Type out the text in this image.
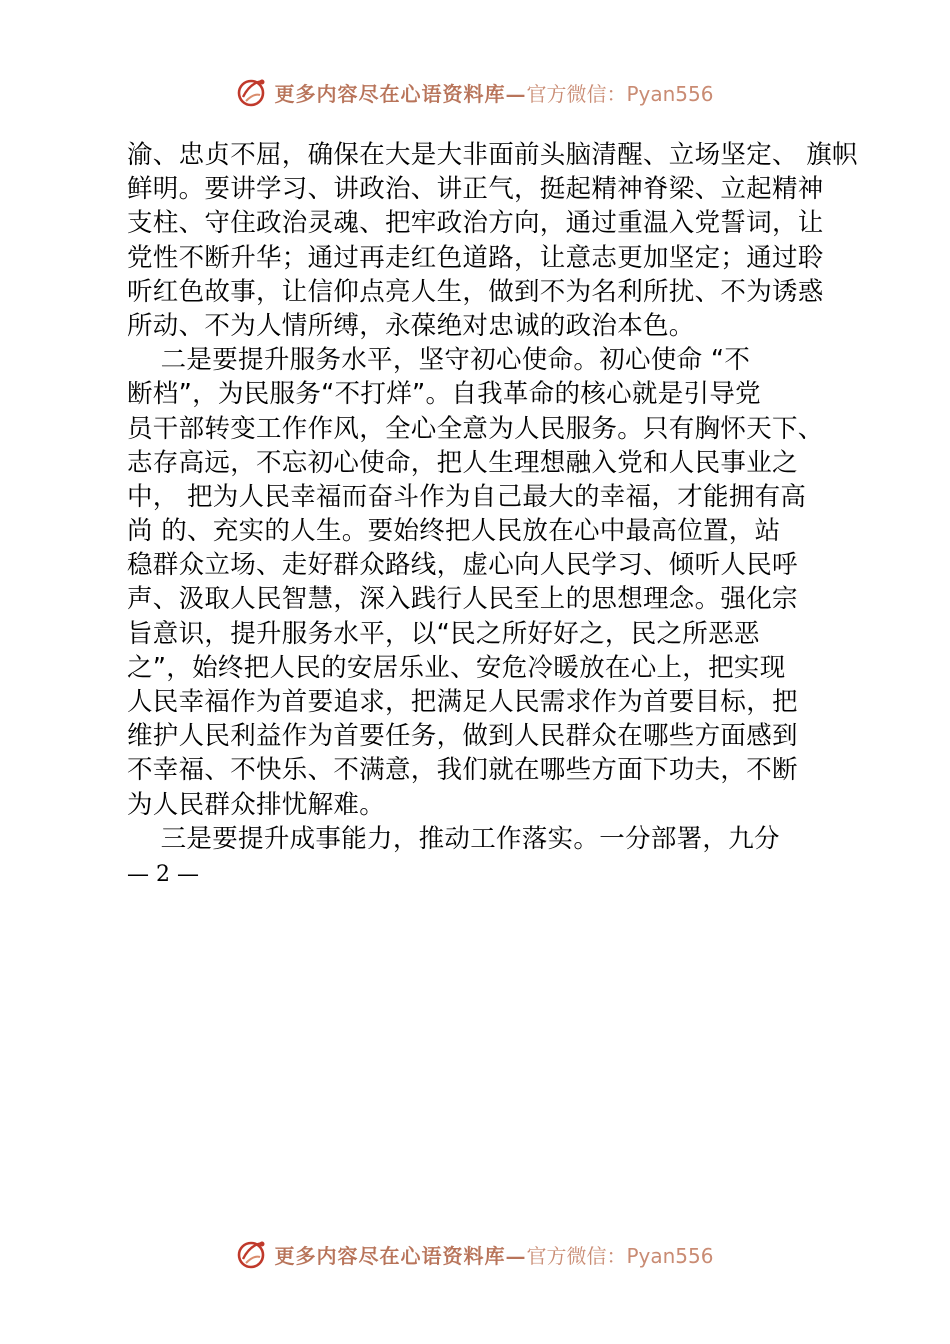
更多内容尽在心语资料库—官方微信：Pyan556
渝、忠贞不屈，确保在大是大非面前头脑清醒、立场坚定、 旗帜
鲜明。要讲学习、讲政治、讲正气，挺起精神脊梁、立起精神
支柱、守住政治灵魂、把牢政治方向，通过重温入党誓词，让
党性不断升华；通过再走红色道路，让意志更加坚定；通过聆
听红色故事，让信仰点亮人生，做到不为名利所扰、不为诱惑
所动、不为人情所缚，永葆绝对忠诚的政治本色。
二是要提升服务水平，坚守初心使命。初心使命 “不
断档”，为民服务“不打烊”。自我革命的核心就是引导党
员干部转变工作作风，全心全意为人民服务。只有胸怀天下、
志存高远，不忘初心使命，把人生理想融入党和人民事业之
中， 把为人民幸福而奋斗作为自己最大的幸福，才能拥有高
尚 的、充实的人生。要始终把人民放在心中最高位置，站
稳群众立场、走好群众路线，虚心向人民学习、倾听人民呼
声、汲取人民智慧，深入践行人民至上的思想理念。强化宗
旨意识，提升服务水平，以“民之所好好之，民之所恶恶
之”，始终把人民的安居乐业、安危冷暖放在心上，把实现
人民幸福作为首要追求，把满足人民需求作为首要目标，把
维护人民利益作为首要任务，做到人民群众在哪些方面感到
不幸福、不快乐、不满意，我们就在哪些方面下功夫，不断
为人民群众排忧解难。
三是要提升成事能力，推动工作落实。一分部署，九分
— 2 —
更多内容尽在心语资料库—官方微信：Pyan556
